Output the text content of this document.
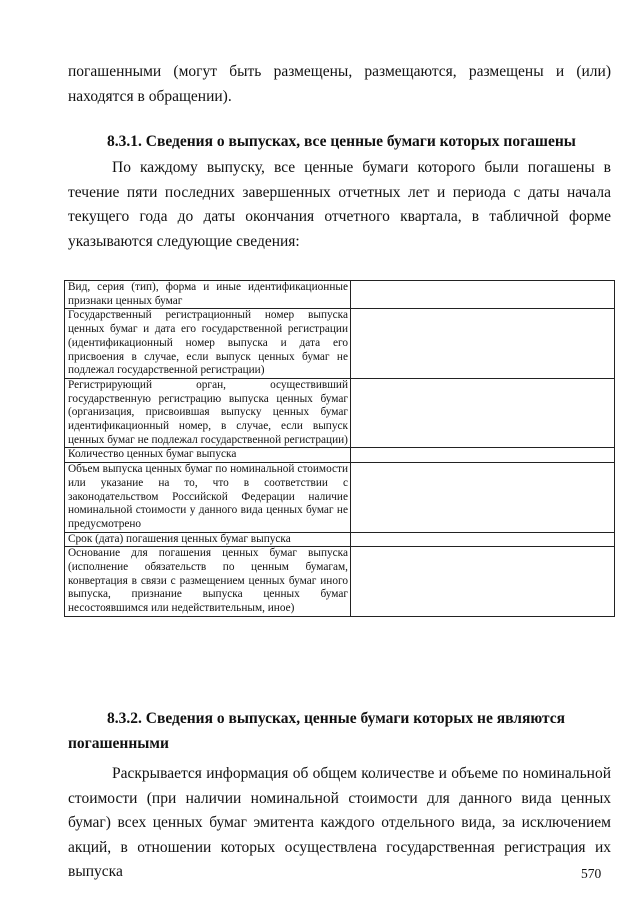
погашенными (могут быть размещены, размещаются, размещены и (или) находятся в обращении).
8.3.1. Сведения о выпусках, все ценные бумаги которых погашены
По каждому выпуску, все ценные бумаги которого были погашены в течение пяти последних завершенных отчетных лет и периода с даты начала текущего года до даты окончания отчетного квартала, в табличной форме указываются следующие сведения:
Вид, серия (тип), форма и иные идентификационные признаки ценных бумаг	
Государственный регистрационный номер выпуска ценных бумаг и дата его государственной регистрации (идентификационный номер выпуска и дата его присвоения в случае, если выпуск ценных бумаг не подлежал государственной регистрации)	
Регистрирующий орган, осуществивший государственную регистрацию выпуска ценных бумаг (организация, присвоившая выпуску ценных бумаг идентификационный номер, в случае, если выпуск ценных бумаг не подлежал государственной регистрации)	
Количество ценных бумаг выпуска	
Объем выпуска ценных бумаг по номинальной стоимости или указание на то, что в соответствии с законодательством Российской Федерации наличие номинальной стоимости у данного вида ценных бумаг не предусмотрено	
Срок (дата) погашения ценных бумаг выпуска	
Основание для погашения ценных бумаг выпуска (исполнение обязательств по ценным бумагам, конвертация в связи с размещением ценных бумаг иного выпуска, признание выпуска ценных бумаг несостоявшимся или недействительным, иное)	
8.3.2. Сведения о выпусках, ценные бумаги которых не являются погашенными
Раскрывается информация об общем количестве и объеме по номинальной стоимости (при наличии номинальной стоимости для данного вида ценных бумаг) всех ценных бумаг эмитента каждого отдельного вида, за исключением акций, в отношении которых осуществлена государственная регистрация их выпуска	570
